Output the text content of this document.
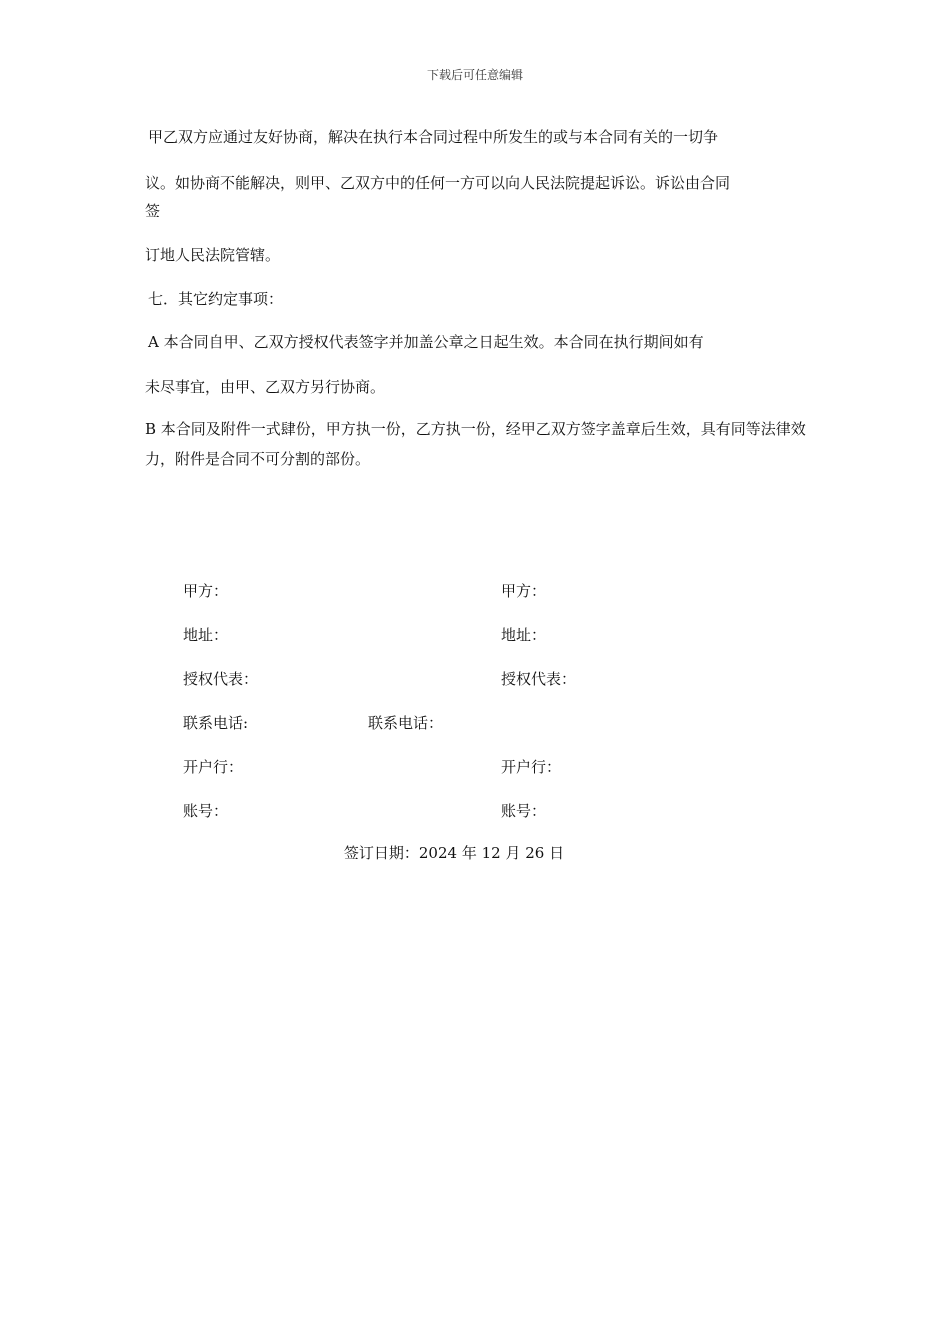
下载后可任意编辑
甲乙双方应通过友好协商，解决在执行本合同过程中所发生的或与本合同有关的一切争
议。如协商不能解决，则甲、乙双方中的任何一方可以向人民法院提起诉讼。诉讼由合同
签
订地人民法院管辖。
七．其它约定事项：
A 本合同自甲、乙双方授权代表签字并加盖公章之日起生效。本合同在执行期间如有
未尽事宜，由甲、乙双方另行协商。
B 本合同及附件一式肆份，甲方执一份，乙方执一份，经甲乙双方签字盖章后生效，具有同等法律效力，附件是合同不可分割的部份。
甲方：	甲方：
地址：	地址：
授权代表：	授权代表：
联系电话:	联系电话：
开户行：	开户行：
账号：	账号：
签订日期：2024 年 12 月 26 日
